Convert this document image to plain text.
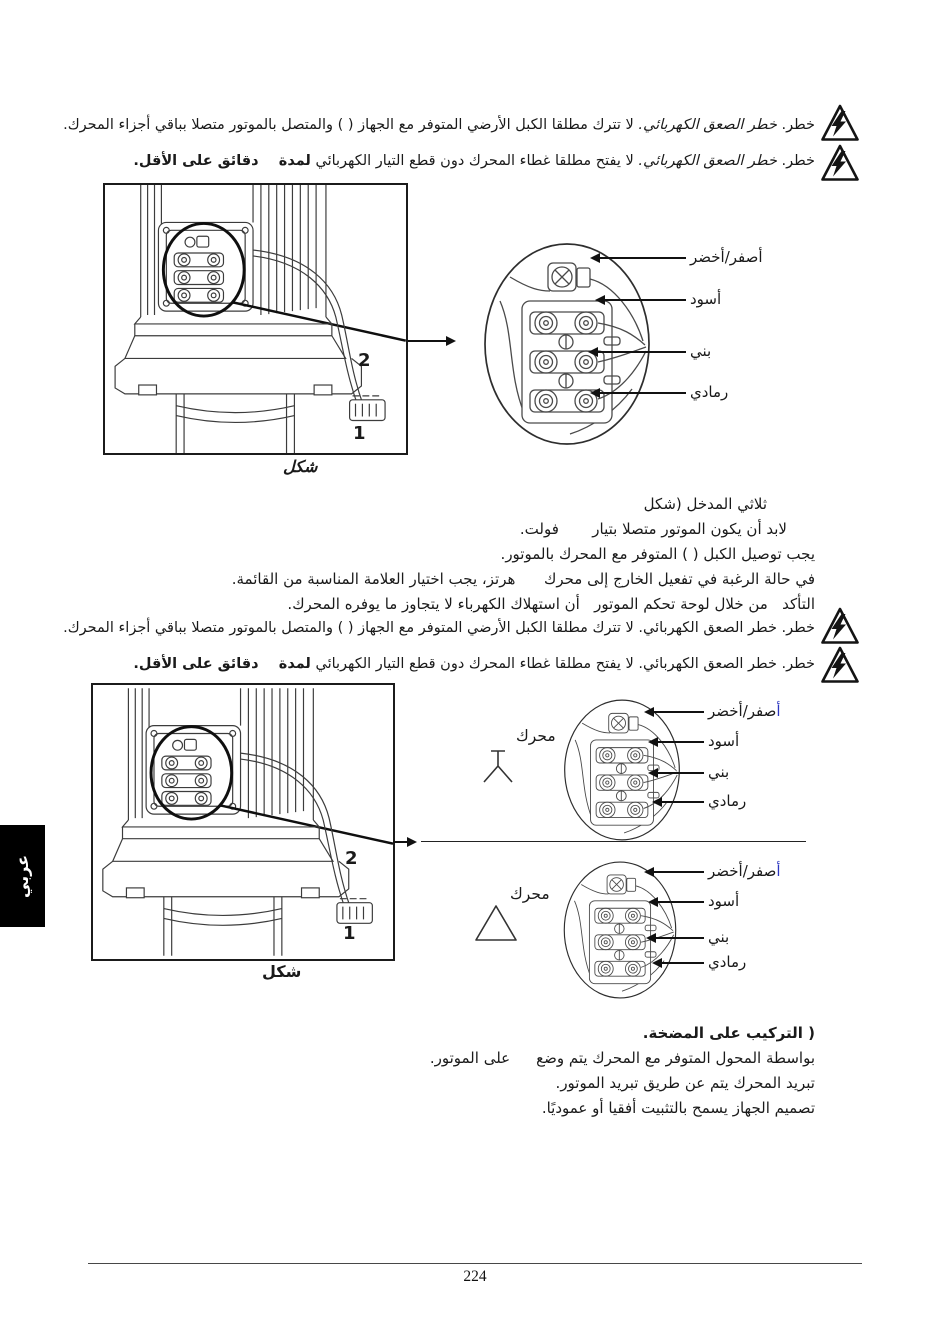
خطر. خطر الصعق الكهربائي. لا تترك مطلقا الكبل الأرضي المتوفر مع الجهاز ( ) والمتصل بالموتور متصلا بباقي أجزاء المحرك.
خطر. خطر الصعق الكهربائي. لا يفتح مطلقا غطاء المحرك دون قطع التيار الكهربائي لمدة    دقائق على الأقل.
2
1
شكل
أصفر/أخضر
أسود
بني
رمادي
ثلاثي المدخل (شكل
لابد أن يكون الموتور متصلا بتيار       فولت.
يجب توصيل الكبل ( ) المتوفر مع المحرك بالموتور.
في حالة الرغبة في تفعيل الخارج إلى محرك      هرتز، يجب اختيار العلامة المناسبة من القائمة.
التأكد   من خلال لوحة تحكم الموتور   أن استهلاك الكهرباء لا يتجاوز ما يوفره المحرك.
خطر. خطر الصعق الكهربائي. لا تترك مطلقا الكبل الأرضي المتوفر مع الجهاز ( ) والمتصل بالموتور متصلا بباقي أجزاء المحرك.
خطر. خطر الصعق الكهربائي. لا يفتح مطلقا غطاء المحرك دون قطع التيار الكهربائي لمدة    دقائق على الأقل.
2
1
شكل
محرك
أصفر/أخضر
أسود
بني
رمادي
محرك
أصفر/أخضر
أسود
بني
رمادي
( التركيب على المضخة.
بواسطة المحول المتوفر مع المحرك يتم وضععلى الموتور.
تبريد المحرك يتم عن طريق تبريد الموتور.
تصميم الجهاز يسمح بالتثبيت أفقيا أو عموديًا.
عربي
224
